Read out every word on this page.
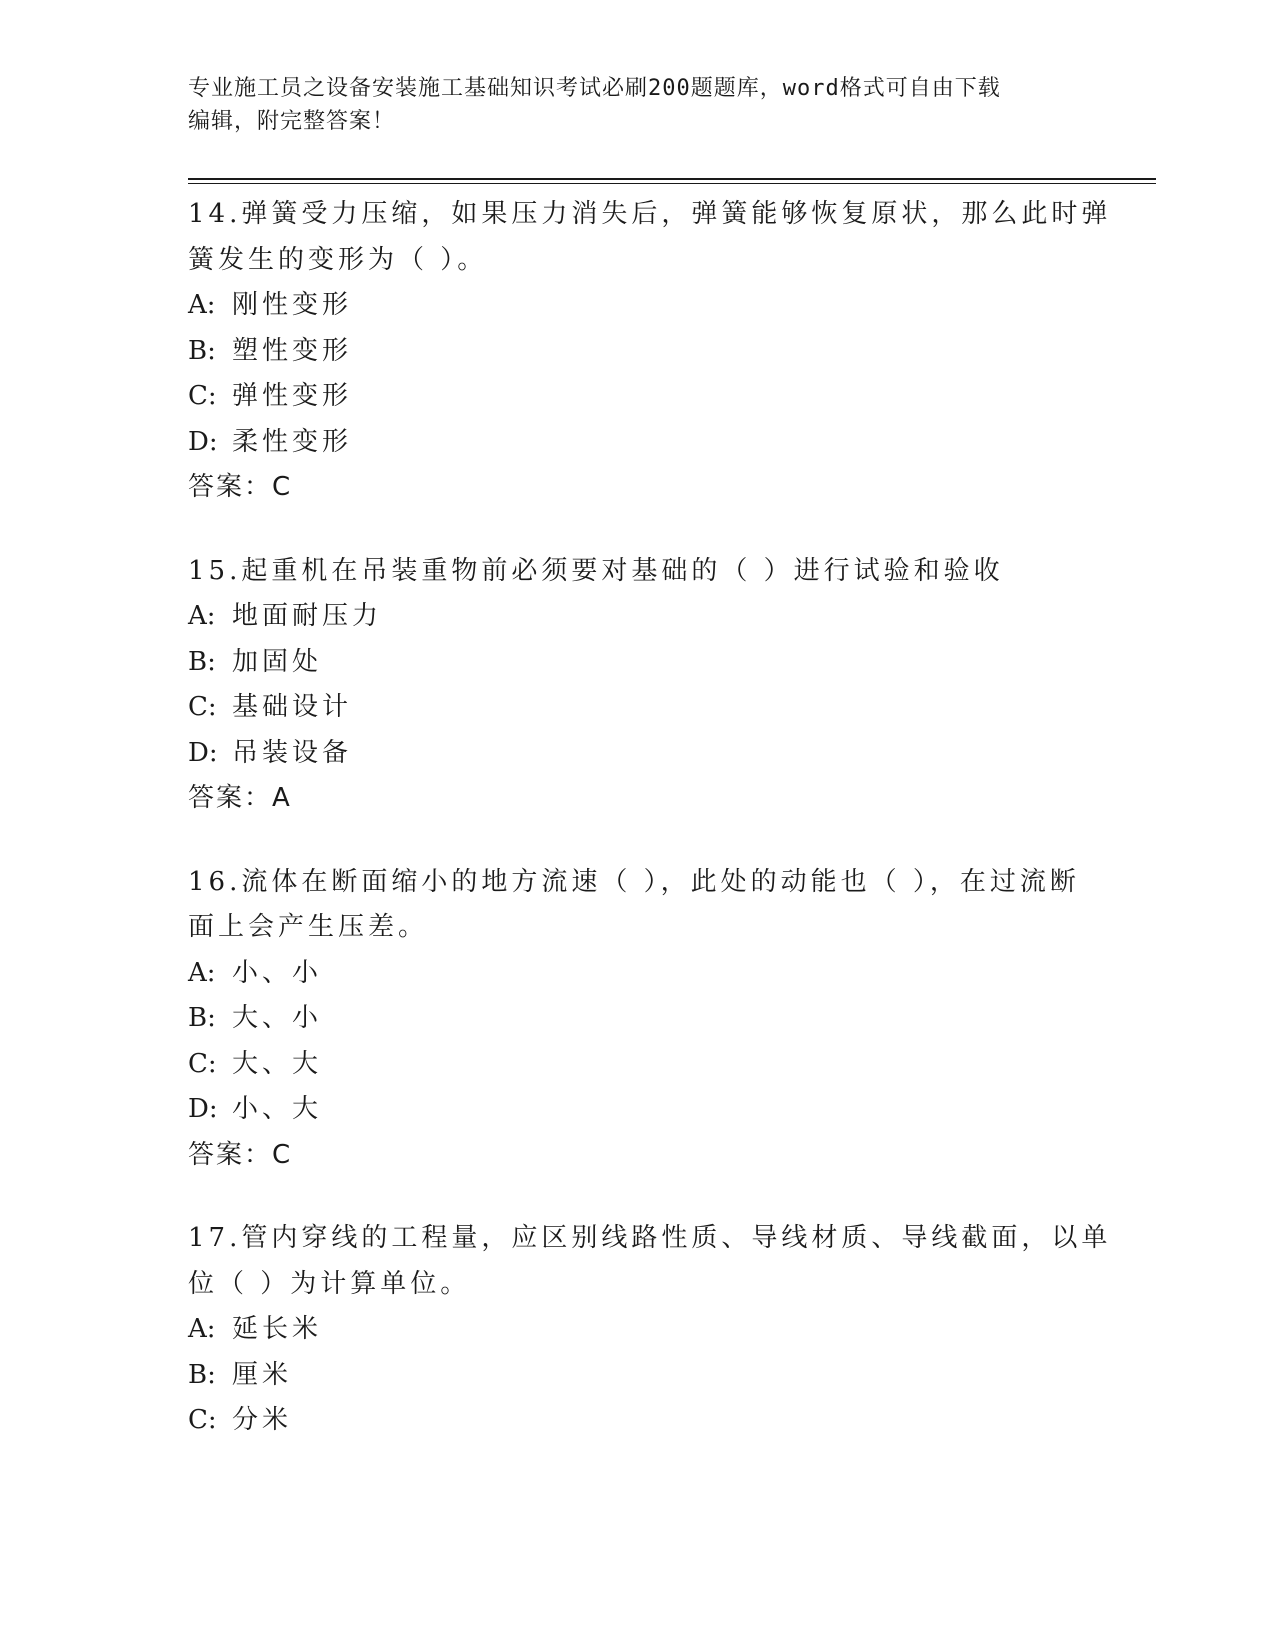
专业施工员之设备安装施工基础知识考试必刷200题题库，word格式可自由下载
编辑，附完整答案！
14.弹簧受力压缩，如果压力消失后，弹簧能够恢复原状，那么此时弹
簧发生的变形为（ ）。
A: 刚性变形
B: 塑性变形
C: 弹性变形
D: 柔性变形
答案：C
15.起重机在吊装重物前必须要对基础的（ ）进行试验和验收
A: 地面耐压力
B: 加固处
C: 基础设计
D: 吊装设备
答案：A
16.流体在断面缩小的地方流速（ ），此处的动能也（ ），在过流断
面上会产生压差。
A: 小、小
B: 大、小
C: 大、大
D: 小、大
答案：C
17.管内穿线的工程量，应区别线路性质、导线材质、导线截面，以单
位（ ）为计算单位。
A: 延长米
B: 厘米
C: 分米
